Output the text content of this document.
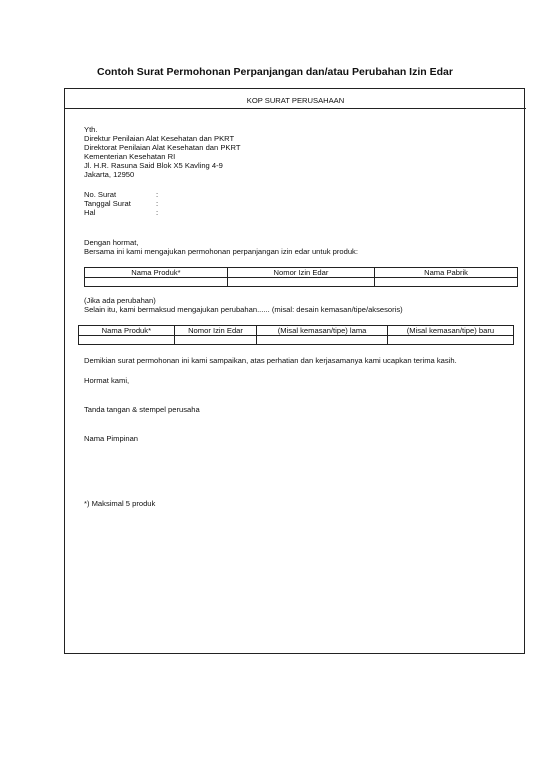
Contoh Surat Permohonan Perpanjangan dan/atau Perubahan Izin Edar
KOP SURAT PERUSAHAAN
Yth.
Direktur Penilaian Alat Kesehatan dan PKRT
Direktorat Penilaian Alat Kesehatan dan PKRT
Kementerian Kesehatan RI
Jl. H.R. Rasuna Said Blok X5 Kavling 4-9
Jakarta, 12950
No. Surat	:
Tanggal Surat	:
Hal	:
Dengan hormat,
Bersama ini kami mengajukan permohonan perpanjangan izin edar untuk produk:
Nama Produk*	Nomor Izin Edar	Nama Pabrik

(Jika ada perubahan)
Selain itu, kami bermaksud mengajukan perubahan...... (misal: desain kemasan/tipe/aksesoris)
Nama Produk*	Nomor Izin Edar	(Misal kemasan/tipe) lama	(Misal kemasan/tipe) baru

Demikian surat permohonan ini kami sampaikan, atas perhatian dan kerjasamanya kami ucapkan terima kasih.
Hormat kami,
Tanda tangan & stempel perusaha
Nama Pimpinan
*) Maksimal 5 produk
